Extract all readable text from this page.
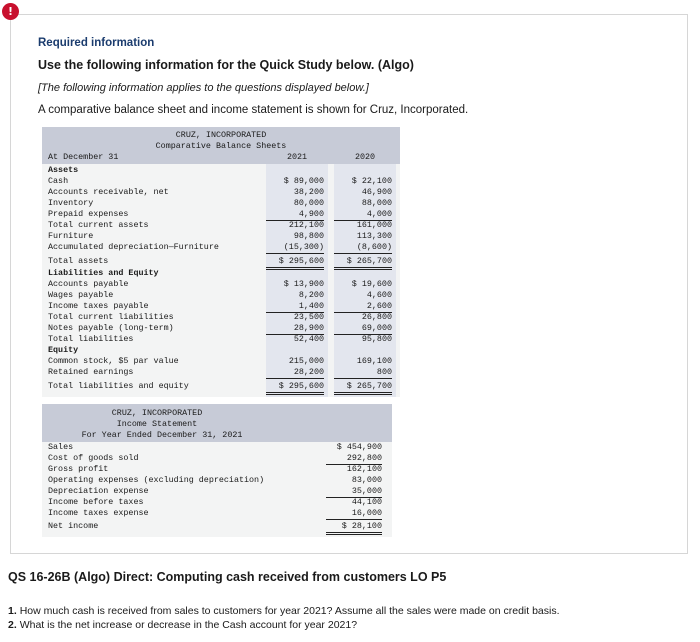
!
Required information
Use the following information for the Quick Study below. (Algo)
[The following information applies to the questions displayed below.]
A comparative balance sheet and income statement is shown for Cruz, Incorporated.
CRUZ, INCORPORATED
Comparative Balance Sheets
At December 31	2021	2020
Assets
Cash	$ 89,000	$ 22,100
Accounts receivable, net	38,200	46,900
Inventory	80,000	88,000
Prepaid expenses	4,900	4,000
Total current assets	212,100	161,000
Furniture	98,800	113,300
Accumulated depreciation—Furniture	(15,300)	(8,600)
Total assets	$ 295,600	$ 265,700
Liabilities and Equity
Accounts payable	$ 13,900	$ 19,600
Wages payable	8,200	4,600
Income taxes payable	1,400	2,600
Total current liabilities	23,500	26,800
Notes payable (long-term)	28,900	69,000
Total liabilities	52,400	95,800
Equity
Common stock, $5 par value	215,000	169,100
Retained earnings	28,200	800
Total liabilities and equity	$ 295,600	$ 265,700
CRUZ, INCORPORATED
Income Statement
For Year Ended December 31, 2021
Sales	$ 454,900
Cost of goods sold	292,800
Gross profit	162,100
Operating expenses (excluding depreciation)	83,000
Depreciation expense	35,000
Income before taxes	44,100
Income taxes expense	16,000
Net income	$ 28,100
QS 16-26B (Algo) Direct: Computing cash received from customers LO P5
1. How much cash is received from sales to customers for year 2021? Assume all the sales were made on credit basis.
2. What is the net increase or decrease in the Cash account for year 2021?
